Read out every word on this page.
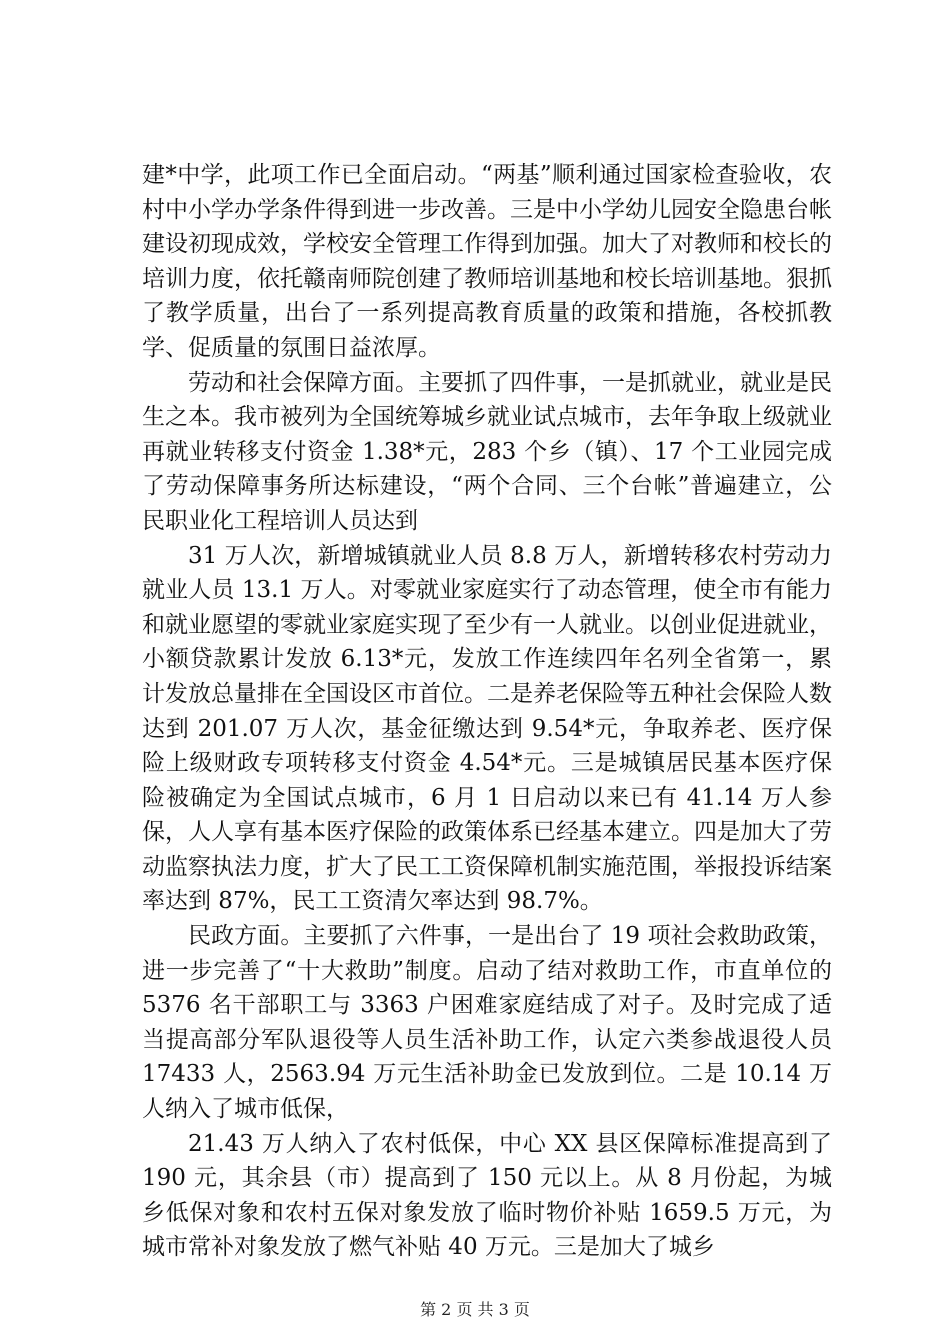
建*中学，此项工作已全面启动。“两基”顺利通过国家检查验收，农村中小学办学条件得到进一步改善。三是中小学幼儿园安全隐患台帐建设初现成效，学校安全管理工作得到加强。加大了对教师和校长的培训力度，依托赣南师院创建了教师培训基地和校长培训基地。狠抓了教学质量，出台了一系列提高教育质量的政策和措施，各校抓教学、促质量的氛围日益浓厚。

劳动和社会保障方面。主要抓了四件事，一是抓就业，就业是民生之本。我市被列为全国统筹城乡就业试点城市，去年争取上级就业再就业转移支付资金 1.38*元，283 个乡（镇）、17 个工业园完成了劳动保障事务所达标建设，“两个合同、三个台帐”普遍建立，公民职业化工程培训人员达到

31 万人次，新增城镇就业人员 8.8 万人，新增转移农村劳动力就业人员 13.1 万人。对零就业家庭实行了动态管理，使全市有能力和就业愿望的零就业家庭实现了至少有一人就业。以创业促进就业，小额贷款累计发放 6.13*元，发放工作连续四年名列全省第一，累计发放总量排在全国设区市首位。二是养老保险等五种社会保险人数达到 201.07 万人次，基金征缴达到 9.54*元，争取养老、医疗保险上级财政专项转移支付资金 4.54*元。三是城镇居民基本医疗保险被确定为全国试点城市，6 月 1 日启动以来已有 41.14 万人参保，人人享有基本医疗保险的政策体系已经基本建立。四是加大了劳动监察执法力度，扩大了民工工资保障机制实施范围，举报投诉结案率达到 87%，民工工资清欠率达到 98.7%。

民政方面。主要抓了六件事，一是出台了 19 项社会救助政策，进一步完善了“十大救助”制度。启动了结对救助工作，市直单位的 5376 名干部职工与 3363 户困难家庭结成了对子。及时完成了适当提高部分军队退役等人员生活补助工作，认定六类参战退役人员 17433 人，2563.94 万元生活补助金已发放到位。二是 10.14 万人纳入了城市低保，

21.43 万人纳入了农村低保，中心 XX 县区保障标准提高到了 190 元，其余县（市）提高到了 150 元以上。从 8 月份起，为城乡低保对象和农村五保对象发放了临时物价补贴 1659.5 万元，为城市常补对象发放了燃气补贴 40 万元。三是加大了城乡

第 2 页 共 3 页
